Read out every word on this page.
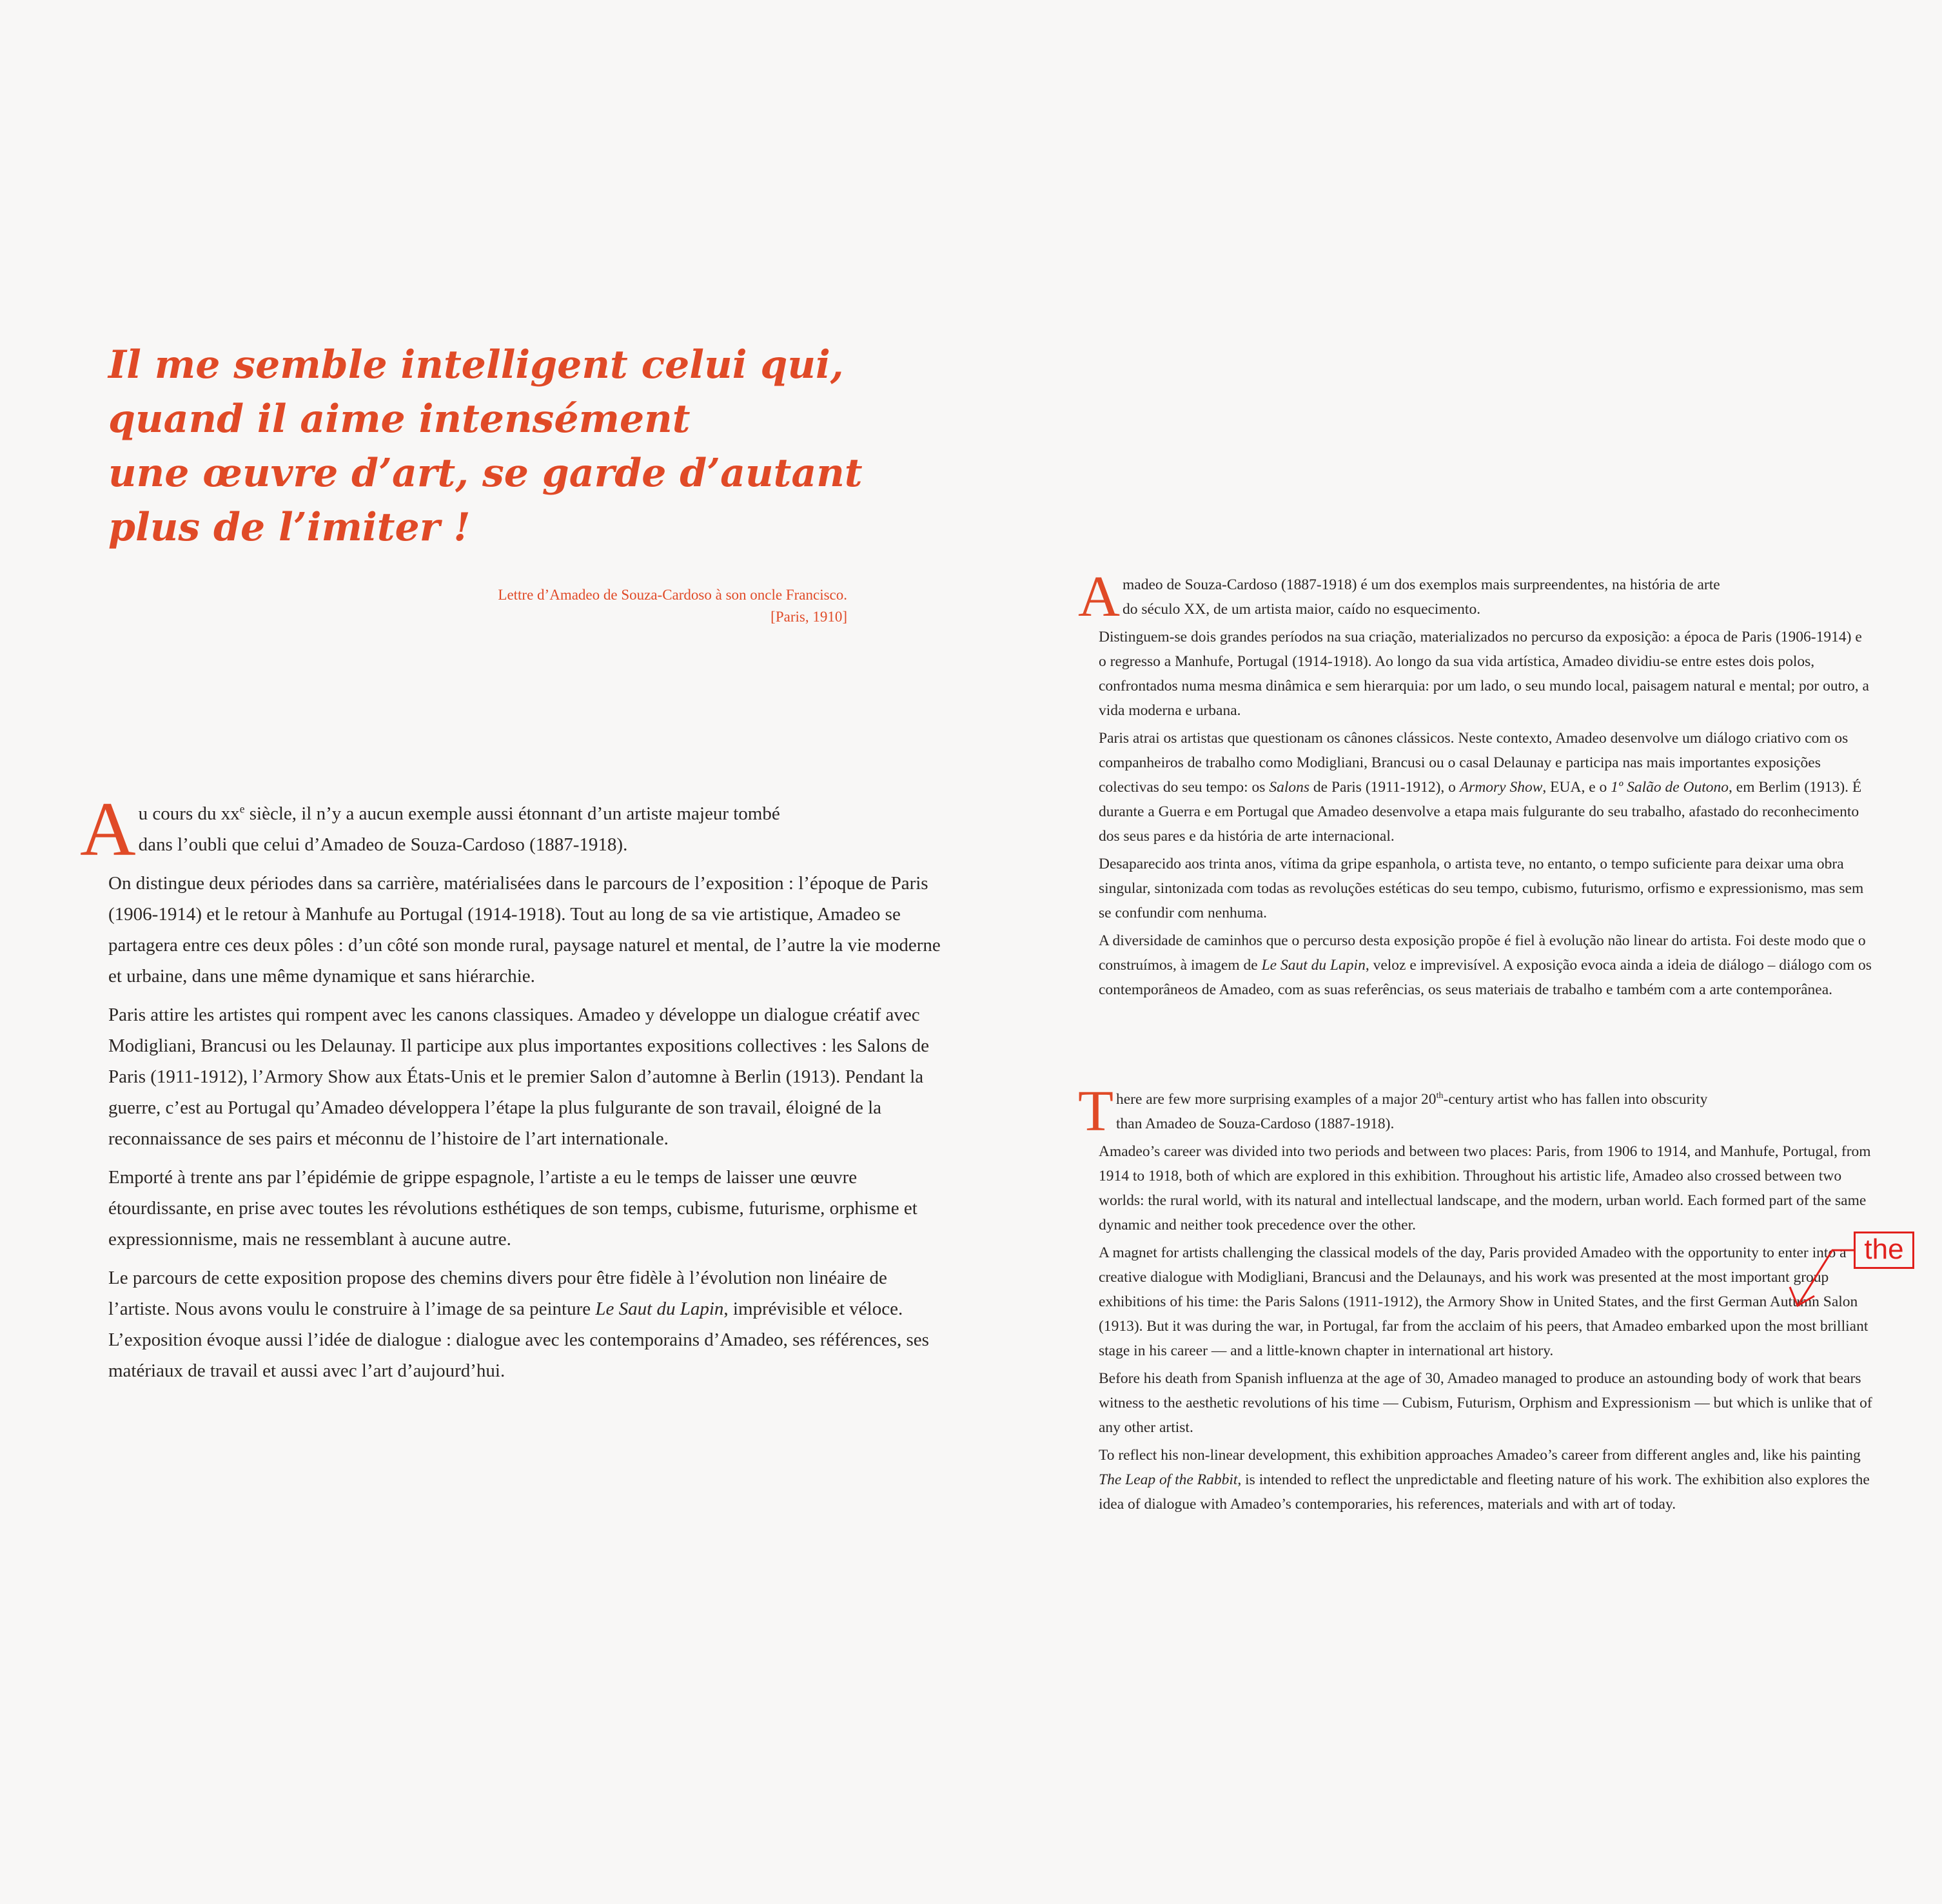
Il me semble intelligent celui qui,
quand il aime intensément
une œuvre d’art, se garde d’autant
plus de l’imiter !
Lettre d’Amadeo de Souza-Cardoso à son oncle Francisco.
[Paris, 1910]
A u cours du $xx^e$ siècle, il n’y a aucun exemple aussi étonnant d’un artiste majeur tombé
dans l’oubli que celui d’Amadeo de Souza-Cardoso (1887-1918).

On distingue deux périodes dans sa carrière, matérialisées dans le parcours de l’exposition : l’époque de Paris (1906-1914) et le retour à Manhufe au Portugal (1914-1918). Tout au long de sa vie artistique, Amadeo se partagera entre ces deux pôles : d’un côté son monde rural, paysage naturel et mental, de l’autre la vie moderne et urbaine, dans une même dynamique et sans hiérarchie.

Paris attire les artistes qui rompent avec les canons classiques. Amadeo y développe un dialogue créatif avec Modigliani, Brancusi ou les Delaunay. Il participe aux plus importantes expositions collectives : les Salons de Paris (1911-1912), l’Armory Show aux États-Unis et le premier Salon d’automne à Berlin (1913). Pendant la guerre, c’est au Portugal qu’Amadeo développera l’étape la plus fulgurante de son travail, éloigné de la reconnaissance de ses pairs et méconnu de l’histoire de l’art internationale.

Emporté à trente ans par l’épidémie de grippe espagnole, l’artiste a eu le temps de laisser une œuvre étourdissante, en prise avec toutes les révolutions esthétiques de son temps, cubisme, futurisme, orphisme et expressionnisme, mais ne ressemblant à aucune autre.

Le parcours de cette exposition propose des chemins divers pour être fidèle à l’évolution non linéaire de l’artiste. Nous avons voulu le construire à l’image de sa peinture Le Saut du Lapin, imprévisible et véloce. L’exposition évoque aussi l’idée de dialogue : dialogue avec les contemporains d’Amadeo, ses références, ses matériaux de travail et aussi avec l’art d’aujourd’hui.

A madeo de Souza-Cardoso (1887-1918) é um dos exemplos mais surpreendentes, na história de arte
do século XX, de um artista maior, caído no esquecimento.

Distinguem-se dois grandes períodos na sua criação, materializados no percurso da exposição: a época de Paris (1906-1914) e o regresso a Manhufe, Portugal (1914-1918). Ao longo da sua vida artística, Amadeo dividiu-se entre estes dois polos, confrontados numa mesma dinâmica e sem hierarquia: por um lado, o seu mundo local, paisagem natural e mental; por outro, a vida moderna e urbana.

Paris atrai os artistas que questionam os cânones clássicos. Neste contexto, Amadeo desenvolve um diálogo criativo com os companheiros de trabalho como Modigliani, Brancusi ou o casal Delaunay e participa nas mais importantes exposições colectivas do seu tempo: os Salons de Paris (1911-1912), o Armory Show, EUA, e o 1º Salão de Outono, em Berlim (1913). É durante a Guerra e em Portugal que Amadeo desenvolve a etapa mais fulgurante do seu trabalho, afastado do reconhecimento dos seus pares e da história de arte internacional.

Desaparecido aos trinta anos, vítima da gripe espanhola, o artista teve, no entanto, o tempo suficiente para deixar uma obra singular, sintonizada com todas as revoluções estéticas do seu tempo, cubismo, futurismo, orfismo e expressionismo, mas sem se confundir com nenhuma.

A diversidade de caminhos que o percurso desta exposição propõe é fiel à evolução não linear do artista. Foi deste modo que o construímos, à imagem de Le Saut du Lapin, veloz e imprevisível. A exposição evoca ainda a ideia de diálogo – diálogo com os contemporâneos de Amadeo, com as suas referências, os seus materiais de trabalho e também com a arte contemporânea.

T here are few more surprising examples of a major 20th-century artist who has fallen into obscurity
than Amadeo de Souza-Cardoso (1887-1918).

Amadeo’s career was divided into two periods and between two places: Paris, from 1906 to 1914, and Manhufe, Portugal, from 1914 to 1918, both of which are explored in this exhibition. Throughout his artistic life, Amadeo also crossed between two worlds: the rural world, with its natural and intellectual landscape, and the modern, urban world. Each formed part of the same dynamic and neither took precedence over the other.

A magnet for artists challenging the classical models of the day, Paris provided Amadeo with the opportunity to enter into a creative dialogue with Modigliani, Brancusi and the Delaunays, and his work was presented at the most important group exhibitions of his time: the Paris Salons (1911-1912), the Armory Show in United States, and the first German Autumn Salon (1913). But it was during the war, in Portugal, far from the acclaim of his peers, that Amadeo embarked upon the most brilliant stage in his career — and a little-known chapter in international art history.

Before his death from Spanish influenza at the age of 30, Amadeo managed to produce an astounding body of work that bears witness to the aesthetic revolutions of his time — Cubism, Futurism, Orphism and Expressionism — but which is unlike that of any other artist.

To reflect his non-linear development, this exhibition approaches Amadeo’s career from different angles and, like his painting The Leap of the Rabbit, is intended to reflect the unpredictable and fleeting nature of his work. The exhibition also explores the idea of dialogue with Amadeo’s contemporaries, his references, materials and with art of today.

the
